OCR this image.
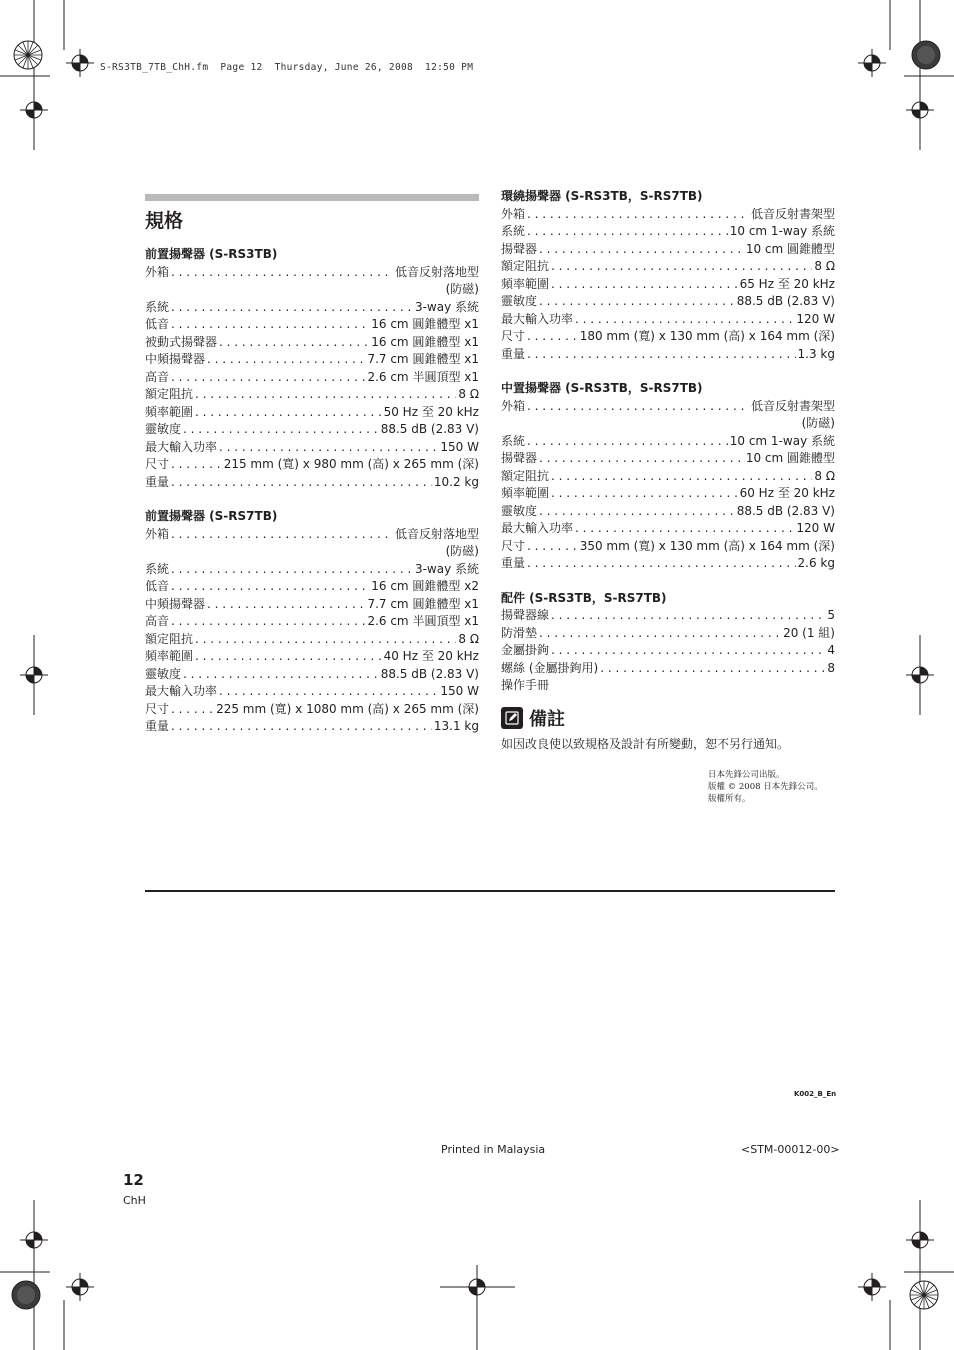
S-RS3TB_7TB_ChH.fm  Page 12  Thursday, June 26, 2008  12:50 PM
規格
前置揚聲器 (S-RS3TB)
外箱 . . .	低音反射落地型
(防磁)
系統 . . .	3-way 系統
低音 . . .	16 cm 圓錐體型 x1
被動式揚聲器 . . .	16 cm 圓錐體型 x1
中頻揚聲器 . . .	7.7 cm 圓錐體型 x1
高音 . . .	2.6 cm 半圓頂型 x1
額定阻抗 . . .	8 Ω
頻率範圍 . . .	50 Hz 至 20 kHz
靈敏度 . . .	88.5 dB (2.83 V)
最大輸入功率 . . .	150 W
尺寸 . . .	215 mm (寬) x 980 mm (高) x 265 mm (深)
重量 . . .	10.2 kg
前置揚聲器 (S-RS7TB)
外箱 . . .	低音反射落地型
(防磁)
系統 . . .	3-way 系統
低音 . . .	16 cm 圓錐體型 x2
中頻揚聲器 . . .	7.7 cm 圓錐體型 x1
高音 . . .	2.6 cm 半圓頂型 x1
額定阻抗 . . .	8 Ω
頻率範圍 . . .	40 Hz 至 20 kHz
靈敏度 . . .	88.5 dB (2.83 V)
最大輸入功率 . . .	150 W
尺寸 . . .	225 mm (寬) x 1080 mm (高) x 265 mm (深)
重量 . . .	13.1 kg
環繞揚聲器 (S-RS3TB，S-RS7TB)
外箱 . . .	低音反射書架型
系統 . . .	10 cm 1-way 系統
揚聲器 . . .	10 cm 圓錐體型
額定阻抗 . . .	8 Ω
頻率範圍 . . .	65 Hz 至 20 kHz
靈敏度 . . .	88.5 dB (2.83 V)
最大輸入功率 . . .	120 W
尺寸 . . .	180 mm (寬) x 130 mm (高) x 164 mm (深)
重量 . . .	1.3 kg
中置揚聲器 (S-RS3TB，S-RS7TB)
外箱 . . .	低音反射書架型
(防磁)
系統 . . .	10 cm 1-way 系統
揚聲器 . . .	10 cm 圓錐體型
額定阻抗 . . .	8 Ω
頻率範圍 . . .	60 Hz 至 20 kHz
靈敏度 . . .	88.5 dB (2.83 V)
最大輸入功率 . . .	120 W
尺寸 . . .	350 mm (寬) x 130 mm (高) x 164 mm (深)
重量 . . .	2.6 kg
配件 (S-RS3TB，S-RS7TB)
揚聲器線 . . .	5
防滑墊 . . .	20 (1 組)
金屬掛鉤 . . .	4
螺絲 (金屬掛鉤用) . . .	8
操作手冊
備註
如因改良使以致規格及設計有所變動，恕不另行通知。
日本先鋒公司出版。
版權 © 2008 日本先鋒公司。
版權所有。
K002_B_En
Printed in Malaysia	<STM-00012-00>
12
ChH
